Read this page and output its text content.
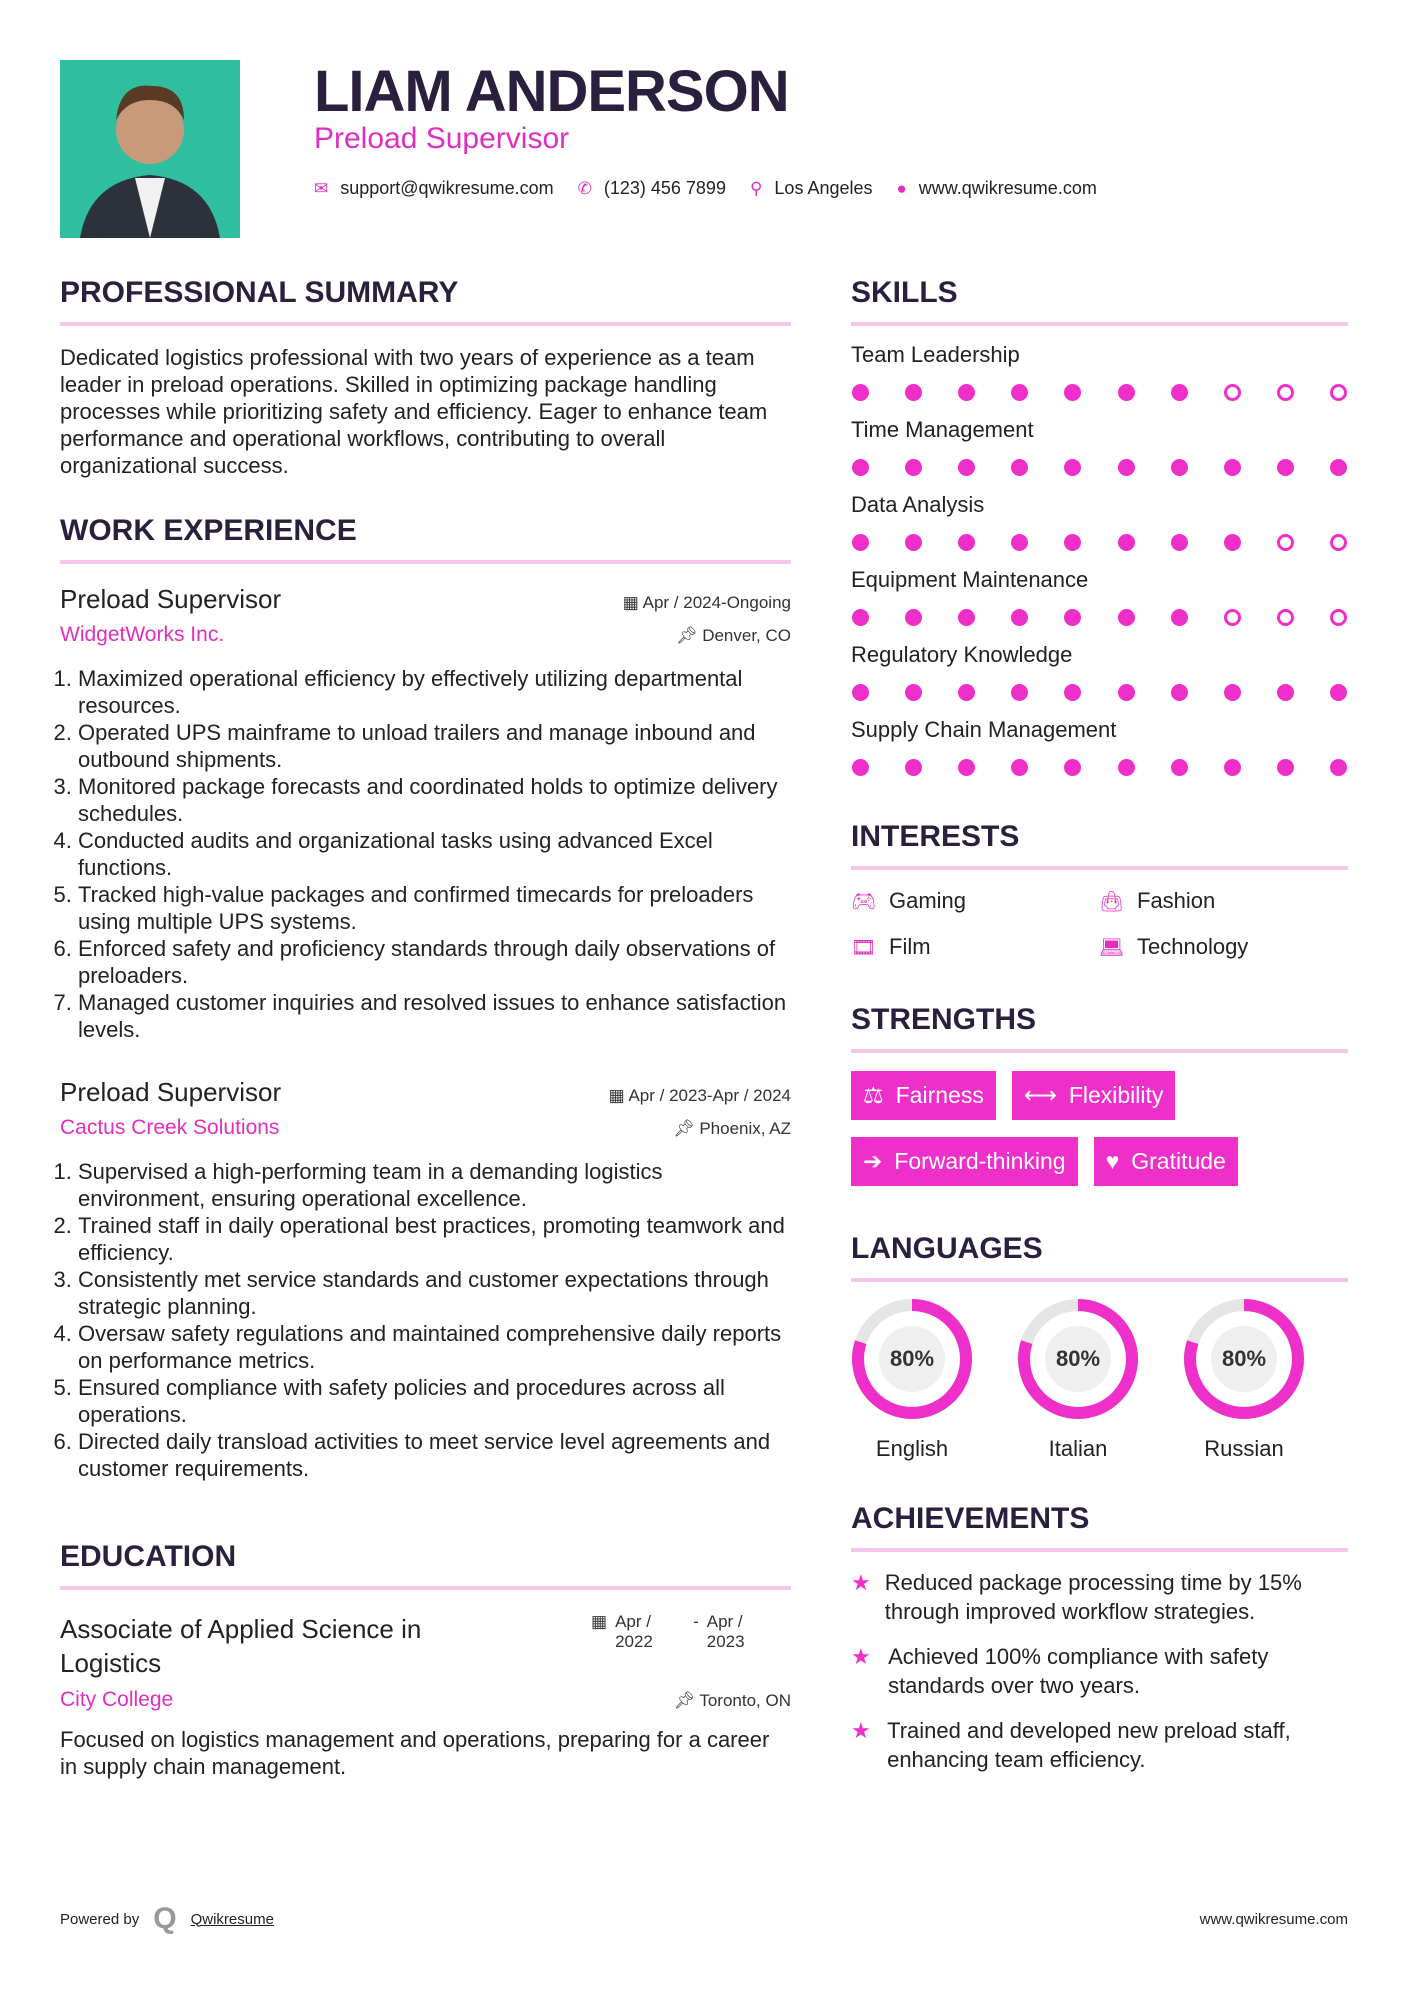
LIAM ANDERSON
Preload Supervisor
✉ support@qwikresume.com ✆ (123) 456 7899 ⚲ Los Angeles ● www.qwikresume.com
PROFESSIONAL SUMMARY
Dedicated logistics professional with two years of experience as a team leader in preload operations. Skilled in optimizing package handling processes while prioritizing safety and efficiency. Eager to enhance team performance and operational workflows, contributing to overall organizational success.
WORK EXPERIENCE
Preload Supervisor	▦ Apr / 2024-Ongoing
WidgetWorks Inc.	📌︎ Denver, CO
1. Maximized operational efficiency by effectively utilizing departmental resources.
2. Operated UPS mainframe to unload trailers and manage inbound and outbound shipments.
3. Monitored package forecasts and coordinated holds to optimize delivery schedules.
4. Conducted audits and organizational tasks using advanced Excel functions.
5. Tracked high-value packages and confirmed timecards for preloaders using multiple UPS systems.
6. Enforced safety and proficiency standards through daily observations of preloaders.
7. Managed customer inquiries and resolved issues to enhance satisfaction levels.
Preload Supervisor	▦ Apr / 2023-Apr / 2024
Cactus Creek Solutions	📌︎ Phoenix, AZ
1. Supervised a high-performing team in a demanding logistics environment, ensuring operational excellence.
2. Trained staff in daily operational best practices, promoting teamwork and efficiency.
3. Consistently met service standards and customer expectations through strategic planning.
4. Oversaw safety regulations and maintained comprehensive daily reports on performance metrics.
5. Ensured compliance with safety policies and procedures across all operations.
6. Directed daily transload activities to meet service level agreements and customer requirements.
EDUCATION
Associate of Applied Science in Logistics
▦ Apr / 2022
- Apr / 2023
City College	📌︎ Toronto, ON
Focused on logistics management and operations, preparing for a career in supply chain management.
SKILLS
Team Leadership
Time Management
Data Analysis
Equipment Maintenance
Regulatory Knowledge
Supply Chain Management
INTERESTS
🎮︎ Gaming	👜︎ Fashion
🎞︎ Film	💻︎ Technology
STRENGTHS
⚖ Fairness ⟷ Flexibility
➔ Forward-thinking ♥ Gratitude
LANGUAGES
80%
English
80%
Italian
80%
Russian
ACHIEVEMENTS
★ Reduced package processing time by 15% through improved workflow strategies.
★ Achieved 100% compliance with safety standards over two years.
★ Trained and developed new preload staff, enhancing team efficiency.
Powered by Q Qwikresume	www.qwikresume.com
